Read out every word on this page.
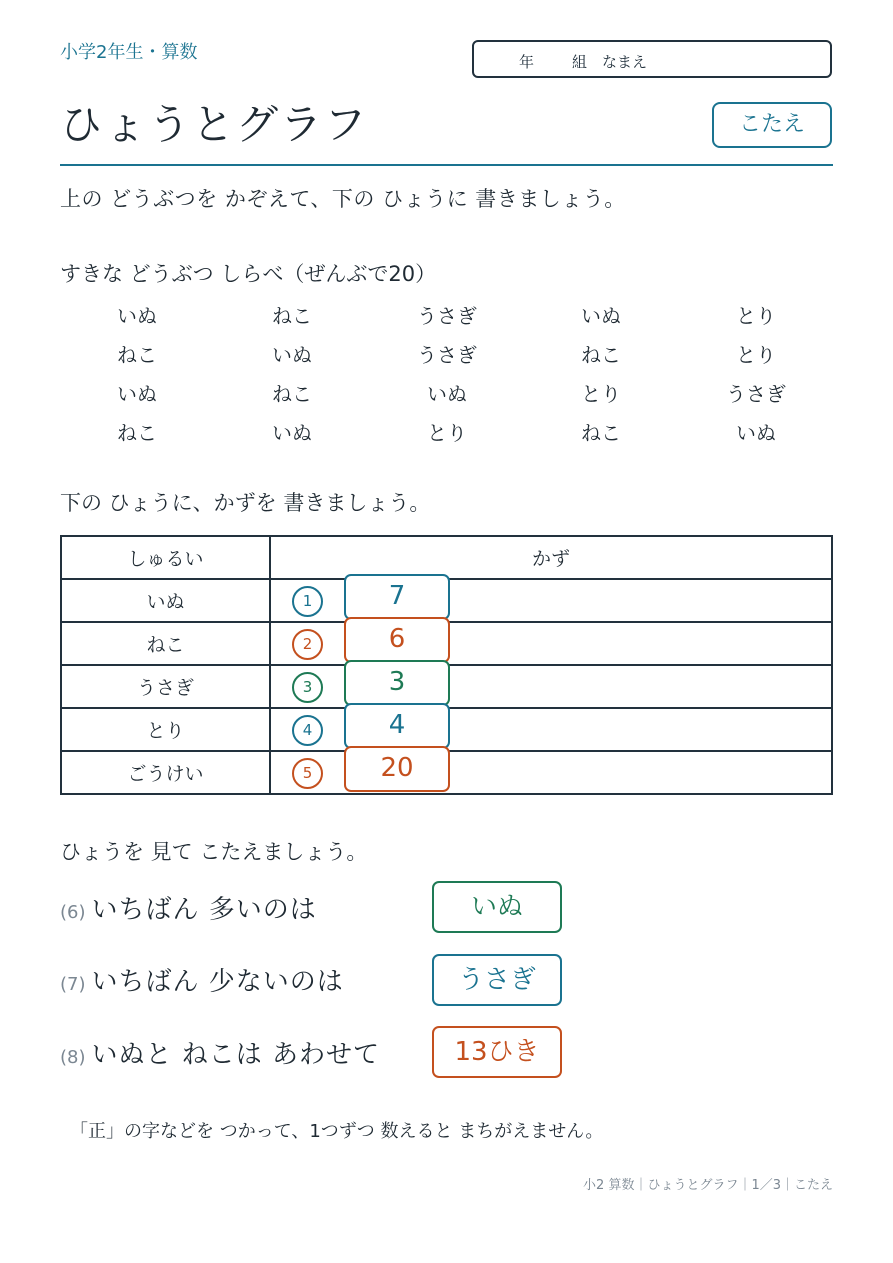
小学2年生・算数	年	組 なまえ
ひょうとグラフ	こたえ
上の どうぶつを かぞえて、下の ひょうに 書きましょう。
すきな どうぶつ しらべ（ぜんぶで20）
いぬ	ねこ	うさぎ	いぬ	とり
ねこ	いぬ	うさぎ	ねこ	とり
いぬ	ねこ	いぬ	とり	うさぎ
ねこ	いぬ	とり	ねこ	いぬ
下の ひょうに、かずを 書きましょう。
しゅるい	かず
いぬ	1 7

ねこ	2 6

うさぎ	3 3

とり	4 4

ごうけい	5 20
ひょうを 見て こたえましょう。
(6) いちばん 多いのは	いぬ
(7) いちばん 少ないのは	うさぎ
(8) いぬと ねこは あわせて	13ひき
「正」の字などを つかって、1つずつ 数えると まちがえません。
小2 算数｜ひょうとグラフ｜1／3｜こたえ
